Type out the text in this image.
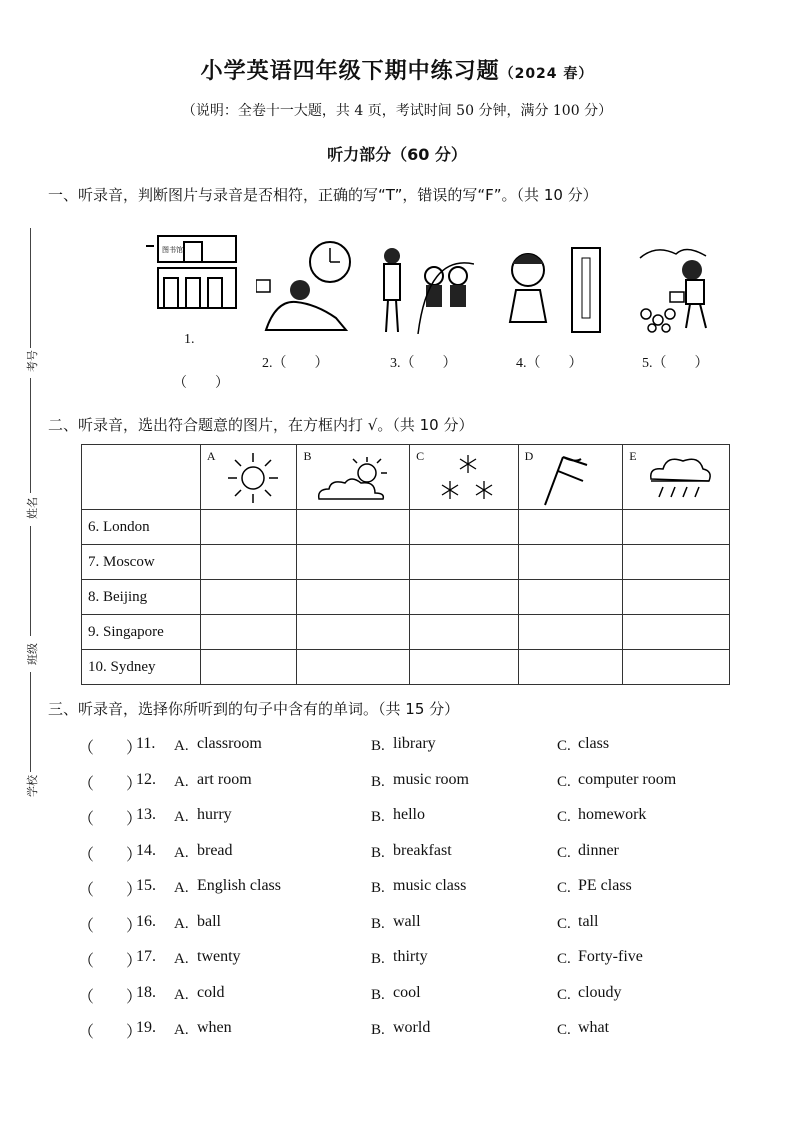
小学英语四年级下期中练习题（2024 春）
（说明：全卷十一大题，共 4 页，考试时间 50 分钟，满分 100 分）
听力部分（60 分）
考号
姓名
班级
学校
一、听录音，判断图片与录音是否相符，正确的写“T”，错误的写“F”。（共 10 分）
图书馆
1.
（　　）
2.（　　）	3.（　　）	4.（　　）	5.（　　）
二、听录音，选出符合题意的图片，在方框内打 √。（共 10 分）

	A	B	C	D	E

6. London					
7. Moscow					
8. Beijing					
9. Singapore					
10. Sydney					
三、听录音，选择你所听到的句子中含有的单词。（共 15 分）
（　　）
11. A. classroom	B. library	C. class
（　　）
12. A. art room	B. music room	C. computer room
（　　）
13. A. hurry	B. hello	C. homework
（　　）
14. A. bread	B. breakfast	C. dinner
（　　）
15. A. English class	B. music class	C. PE class
（　　）
16. A. ball	B. wall	C. tall
（　　）
17. A. twenty	B. thirty	C. Forty-five
（　　）
18. A. cold	B. cool	C. cloudy
（　　）
19. A. when	B. world	C. what
